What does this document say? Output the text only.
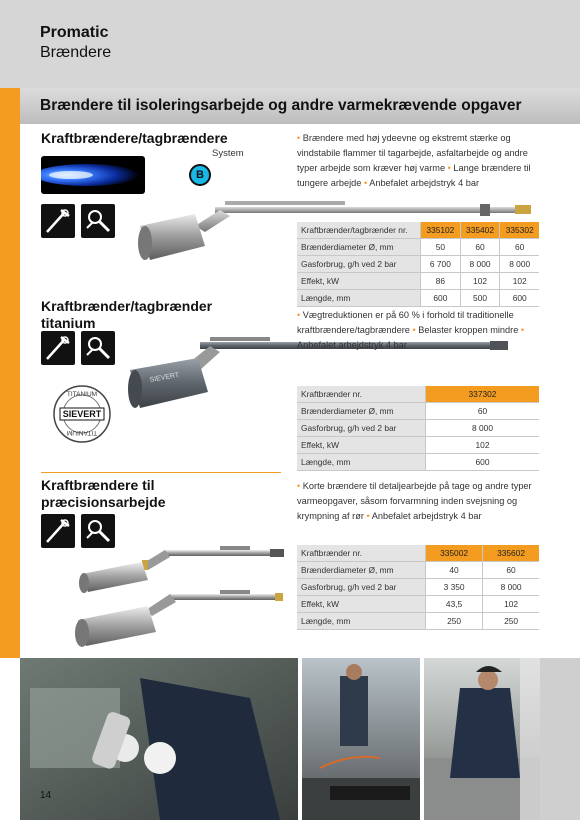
Promatic
Brændere
Brændere til isoleringsarbejde og andre varmekrævende opgaver
Kraftbrændere/tagbrændere
System
B
• Brændere med høj ydeevne og ekstremt stærke og vindstabile flammer til tagarbejde, asfaltarbejde og andre typer arbejde som kræver høj varme • Lange brændere til tungere arbejde • Anbefalet arbejdstryk 4 bar
Kraftbrænder/tagbrænder nr.	335102	335402	335302
Brænderdiameter Ø, mm	50	60	60
Gasforbrug, g/h ved 2 bar	6 700	8 000	8 000
Effekt, kW	86	102	102
Længde, mm	600	500	600
Kraftbrænder/tagbrænder
titanium
SIEVERT
TITANIUM
TITANIUM
SIEVERT
• Vægtreduktionen er på 60 % i forhold til traditionelle kraftbrændere/tagbrændere • Belaster kroppen mindre • Anbefalet arbejdstryk 4 bar
Kraftbrænder nr.	337302
Brænderdiameter Ø, mm	60
Gasforbrug, g/h ved 2 bar	8 000
Effekt, kW	102
Længde, mm	600
Kraftbrændere til
præcisionsarbejde
• Korte brændere til detaljearbejde på tage og andre typer varmeopgaver, såsom forvarmning inden svejsning og krympning af rør • Anbefalet arbejdstryk 4 bar
Kraftbrænder nr.	335002	335602
Brænderdiameter Ø, mm	40	60
Gasforbrug, g/h ved 2 bar	3 350	8 000
Effekt, kW	43,5	102
Længde, mm	250	250
14
